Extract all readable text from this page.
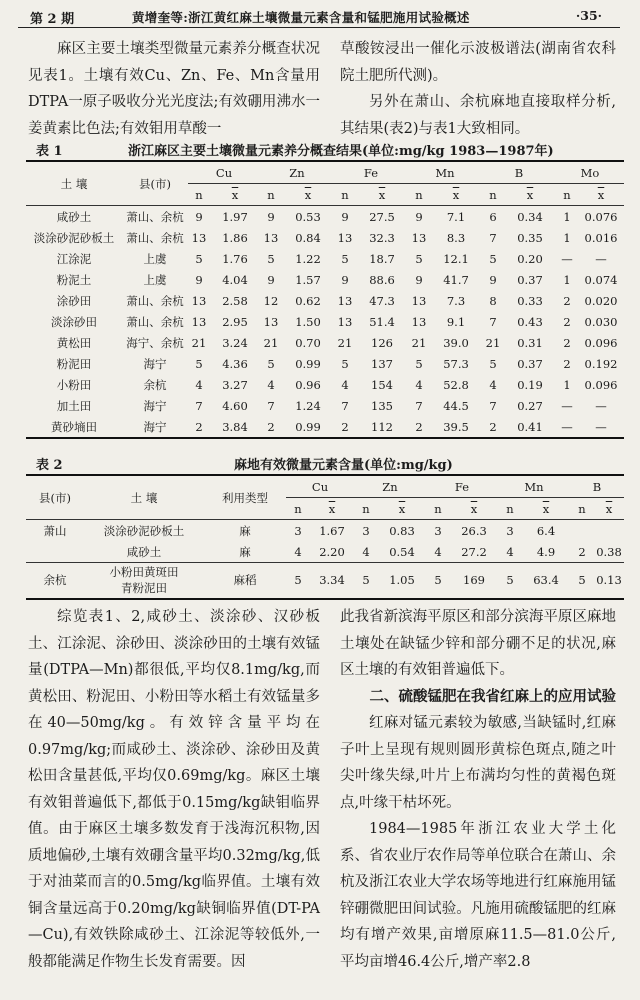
第 2 期	黄增奎等:浙江黄红麻土壤微量元素含量和锰肥施用试验概述	·35·

麻区主要土壤类型微量元素养分概查状况见表1。土壤有效Cu、Zn、Fe、Mn含量用DTPA一原子吸收分光光度法;有效硼用沸水一姜黄素比色法;有效钼用草酸一

草酸铵浸出一催化示波极谱法(湖南省农科院土肥所代测)。

另外在萧山、余杭麻地直接取样分析,其结果(表2)与表1大致相同。

表 1	浙江麻区主要土壤微量元素养分概查结果(单位:mg/kg 1983—1987年)
土 壤	县(市)	Cu		Zn		Fe		Mn		B		Mo	
		n	$\overline{x}$	n	$\overline{x}$	n	$\overline{x}$	n	$\overline{x}$	n	$\overline{x}$	n	$\overline{x}$
咸砂土	萧山、余杭	9	1.97	9	0.53	9	27.5	9	7.1	6	0.34	1	0.076
淡涂砂泥砂板土	萧山、余杭	13	1.86	13	0.84	13	32.3	13	8.3	7	0.35	1	0.016
江涂泥	上虞	5	1.76	5	1.22	5	18.7	5	12.1	5	0.20	—	—
粉泥土	上虞	9	4.04	9	1.57	9	88.6	9	41.7	9	0.37	1	0.074
涂砂田	萧山、余杭	13	2.58	12	0.62	13	47.3	13	7.3	8	0.33	2	0.020
淡涂砂田	萧山、余杭	13	2.95	13	1.50	13	51.4	13	9.1	7	0.43	2	0.030
黄松田	海宁、余杭	21	3.24	21	0.70	21	126	21	39.0	21	0.31	2	0.096
粉泥田	海宁	5	4.36	5	0.99	5	137	5	57.3	5	0.37	2	0.192
小粉田	余杭	4	3.27	4	0.96	4	154	4	52.8	4	0.19	1	0.096
加土田	海宁	7	4.60	7	1.24	7	135	7	44.5	7	0.27	—	—
黄砂墒田	海宁	2	3.84	2	0.99	2	112	2	39.5	2	0.41	—	—
表 2	麻地有效微量元素含量(单位:mg/kg)
县(市)	土 壤	利用类型	Cu		Zn		Fe		Mn		B	
			n	$\overline{x}$	n	$\overline{x}$	n	$\overline{x}$	n	$\overline{x}$	n	$\overline{x}$
萧山	淡涂砂泥砂板土	麻	3	1.67	3	0.83	3	26.3	3	6.4		
	咸砂土	麻	4	2.20	4	0.54	4	27.2	4	4.9	2	0.38
余杭	小粉田黄斑田 青粉泥田	麻稻	5	3.34	5	1.05	5	169	5	63.4	5	0.13

综览表1、2,咸砂土、淡涂砂、汉砂板土、江涂泥、涂砂田、淡涂砂田的土壤有效锰量(DTPA—Mn)都很低,平均仅8.1mg/kg,而黄松田、粉泥田、小粉田等水稻土有效锰量多在40—50mg/kg。有效锌含量平均在0.97mg/kg;而咸砂土、淡涂砂、涂砂田及黄松田含量甚低,平均仅0.69mg/kg。麻区土壤有效钼普遍低下,都低于0.15mg/kg缺钼临界值。由于麻区土壤多数发育于浅海沉积物,因质地偏砂,土壤有效硼含量平均0.32mg/kg,低于对油菜而言的0.5mg/kg临界值。土壤有效铜含量远高于0.20mg/kg缺铜临界值(DT-PA—Cu),有效铁除咸砂土、江涂泥等较低外,一般都能满足作物生长发育需要。因

此我省新滨海平原区和部分滨海平原区麻地土壤处在缺锰少锌和部分硼不足的状况,麻区土壤的有效钼普遍低下。

二、硫酸锰肥在我省红麻上的应用试验

红麻对锰元素较为敏感,当缺锰时,红麻子叶上呈现有规则圆形黄棕色斑点,随之叶尖叶缘失绿,叶片上布满均匀性的黄褐色斑点,叶缘干枯坏死。

1984—1985年浙江农业大学土化系、省农业厅农作局等单位联合在萧山、余杭及浙江农业大学农场等地进行红麻施用锰锌硼微肥田间试验。凡施用硫酸锰肥的红麻均有增产效果,亩增原麻11.5—81.0公斤,平均亩增46.4公斤,增产率2.8
